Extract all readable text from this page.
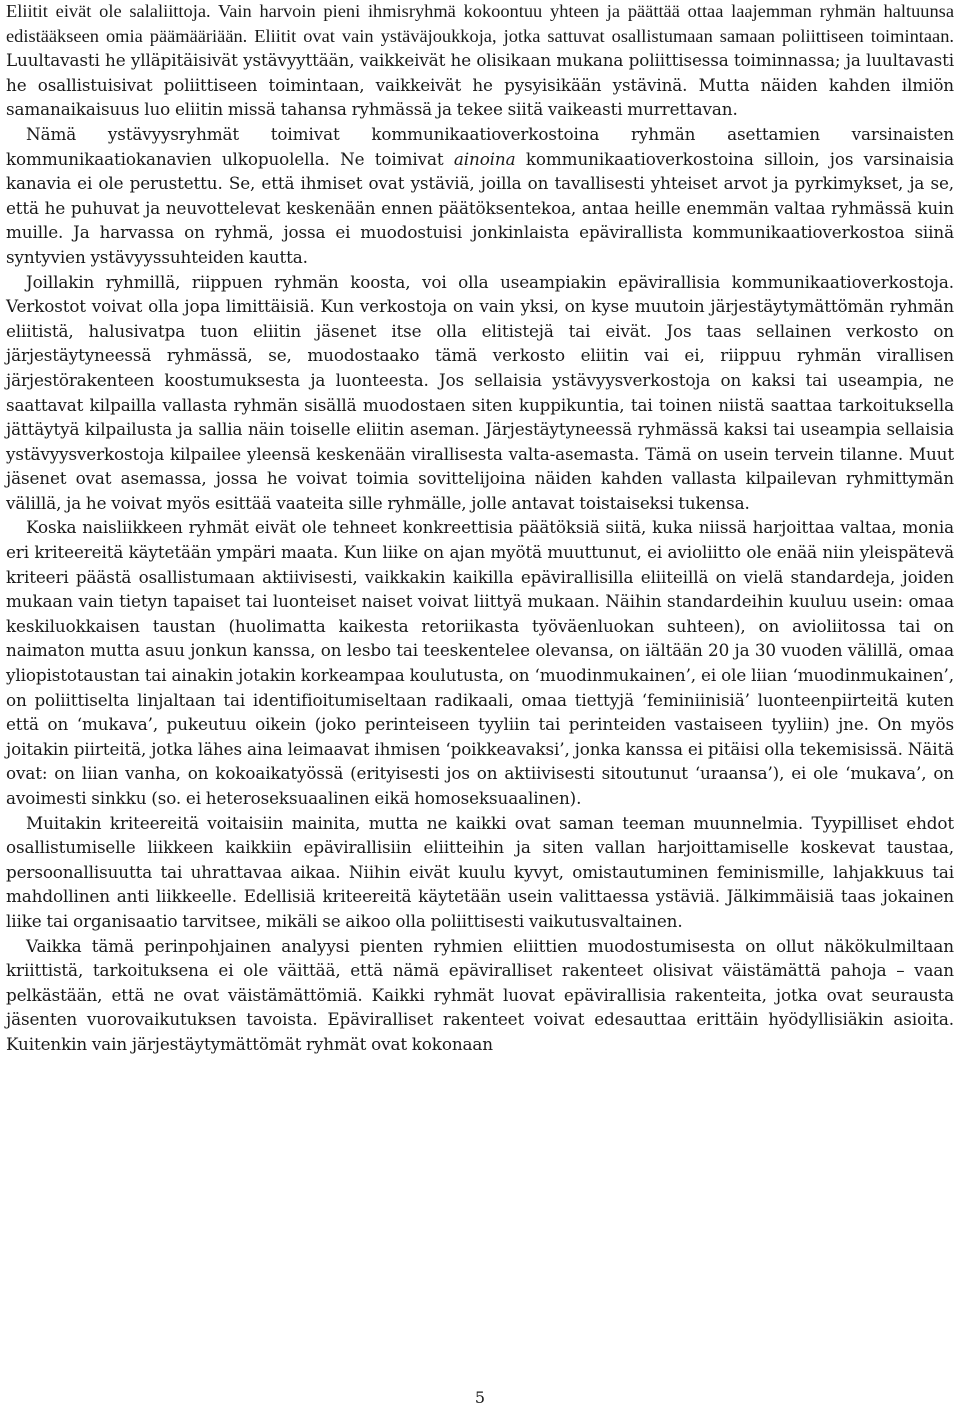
Eliitit eivät ole salaliittoja. Vain harvoin pieni ihmisryhmä kokoontuu yhteen ja päättää ottaa laajemman ryhmän haltuunsa edistääkseen omia päämääriään. Eliitit ovat vain ystäväjoukkoja, jotka sattuvat osallistumaan samaan poliittiseen toimintaan. Luultavasti he ylläpitäisivät ystävyyttään, vaikkeivät he olisikaan mukana poliittisessa toiminnassa; ja luultavasti he osallistuisivat poliittiseen toimintaan, vaikkeivät he pysyisikään ystävinä. Mutta näiden kahden ilmiön samanaikaisuus luo eliitin missä tahansa ryhmässä ja tekee siitä vaikeasti murrettavan.

Nämä ystävyysryhmät toimivat kommunikaatioverkostoina ryhmän asettamien varsinaisten kommunikaatiokanavien ulkopuolella. Ne toimivat ainoina kommunikaatioverkostoina silloin, jos varsinaisia kanavia ei ole perustettu. Se, että ihmiset ovat ystäviä, joilla on tavallisesti yhteiset arvot ja pyrkimykset, ja se, että he puhuvat ja neuvottelevat keskenään ennen päätöksentekoa, antaa heille enemmän valtaa ryhmässä kuin muille. Ja harvassa on ryhmä, jossa ei muodostuisi jonkinlaista epävirallista kommunikaatioverkostoa siinä syntyvien ystävyyssuhteiden kautta.

Joillakin ryhmillä, riippuen ryhmän koosta, voi olla useampiakin epävirallisia kommunikaatioverkostoja. Verkostot voivat olla jopa limittäisiä. Kun verkostoja on vain yksi, on kyse muutoin järjestäytymättömän ryhmän eliitistä, halusivatpa tuon eliitin jäsenet itse olla elitistejä tai eivät. Jos taas sellainen verkosto on järjestäytyneessä ryhmässä, se, muodostaako tämä verkosto eliitin vai ei, riippuu ryhmän virallisen järjestörakenteen koostumuksesta ja luonteesta. Jos sellaisia ystävyysverkostoja on kaksi tai useampia, ne saattavat kilpailla vallasta ryhmän sisällä muodostaen siten kuppikuntia, tai toinen niistä saattaa tarkoituksella jättäytyä kilpailusta ja sallia näin toiselle eliitin aseman. Järjestäytyneessä ryhmässä kaksi tai useampia sellaisia ystävyysverkostoja kilpailee yleensä keskenään virallisesta valta-asemasta. Tämä on usein tervein tilanne. Muut jäsenet ovat asemassa, jossa he voivat toimia sovittelijoina näiden kahden vallasta kilpailevan ryhmittymän välillä, ja he voivat myös esittää vaateita sille ryhmälle, jolle antavat toistaiseksi tukensa.

Koska naisliikkeen ryhmät eivät ole tehneet konkreettisia päätöksiä siitä, kuka niissä harjoittaa valtaa, monia eri kriteereitä käytetään ympäri maata. Kun liike on ajan myötä muuttunut, ei avioliitto ole enää niin yleispätevä kriteeri päästä osallistumaan aktiivisesti, vaikkakin kaikilla epävirallisilla eliiteillä on vielä standardeja, joiden mukaan vain tietyn tapaiset tai luonteiset naiset voivat liittyä mukaan. Näihin standardeihin kuuluu usein: omaa keskiluokkaisen taustan (huolimatta kaikesta retoriikasta työväenluokan suhteen), on avioliitossa tai on naimaton mutta asuu jonkun kanssa, on lesbo tai teeskentelee olevansa, on iältään 20 ja 30 vuoden välillä, omaa yliopistotaustan tai ainakin jotakin korkeampaa koulutusta, on ‘muodinmukainen’, ei ole liian ‘muodinmukainen’, on poliittiselta linjaltaan tai identifioitumiseltaan radikaali, omaa tiettyjä ‘feminiinisiä’ luonteenpiirteitä kuten että on ‘mukava’, pukeutuu oikein (joko perinteiseen tyyliin tai perinteiden vastaiseen tyyliin) jne. On myös joitakin piirteitä, jotka lähes aina leimaavat ihmisen ‘poikkeavaksi’, jonka kanssa ei pitäisi olla tekemisissä. Näitä ovat: on liian vanha, on kokoaikatyössä (erityisesti jos on aktiivisesti sitoutunut ‘uraansa’), ei ole ‘mukava’, on avoimesti sinkku (so. ei heteroseksuaalinen eikä homoseksuaalinen).

Muitakin kriteereitä voitaisiin mainita, mutta ne kaikki ovat saman teeman muunnelmia. Tyypilliset ehdot osallistumiselle liikkeen kaikkiin epävirallisiin eliitteihin ja siten vallan harjoittamiselle koskevat taustaa, persoonallisuutta tai uhrattavaa aikaa. Niihin eivät kuulu kyvyt, omistautuminen feminismille, lahjakkuus tai mahdollinen anti liikkeelle. Edellisiä kriteereitä käytetään usein valittaessa ystäviä. Jälkimmäisiä taas jokainen liike tai organisaatio tarvitsee, mikäli se aikoo olla poliittisesti vaikutusvaltainen.

Vaikka tämä perinpohjainen analyysi pienten ryhmien eliittien muodostumisesta on ollut näkökulmiltaan kriittistä, tarkoituksena ei ole väittää, että nämä epäviralliset rakenteet olisivat väistämättä pahoja – vaan pelkästään, että ne ovat väistämättömiä. Kaikki ryhmät luovat epävirallisia rakenteita, jotka ovat seurausta jäsenten vuorovaikutuksen tavoista. Epäviralliset rakenteet voivat edesauttaa erittäin hyödyllisiäkin asioita. Kuitenkin vain järjestäytymättömät ryhmät ovat kokonaan

5
